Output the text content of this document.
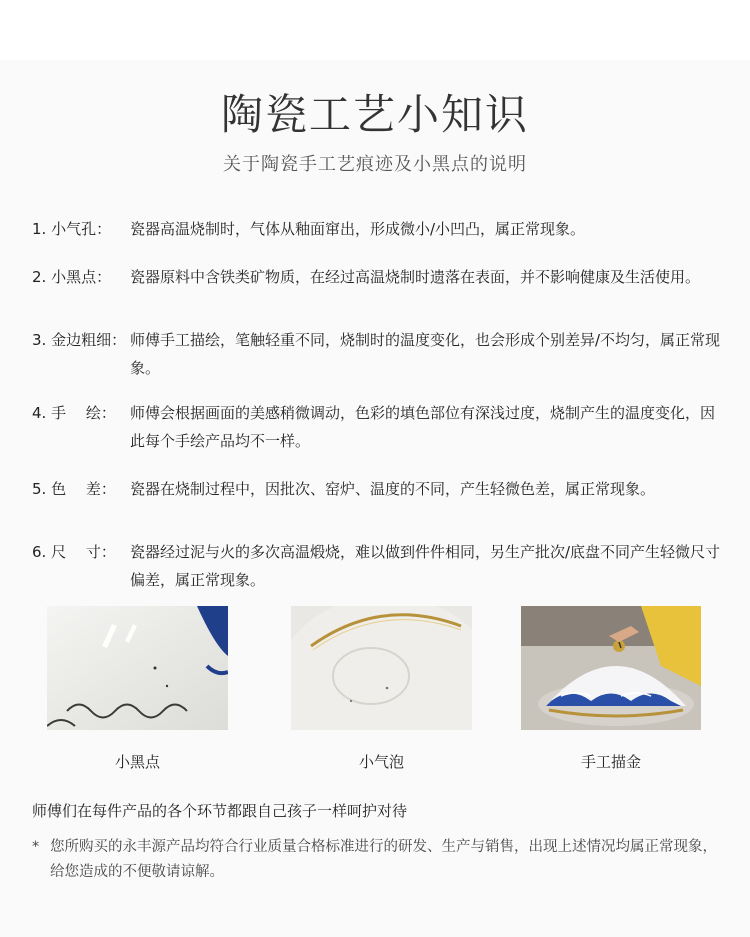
陶瓷工艺小知识
关于陶瓷手工艺痕迹及小黑点的说明
1. 小气孔： 瓷器高温烧制时，气体从釉面窜出，形成微小/小凹凸，属正常现象。
2. 小黑点： 瓷器原料中含铁类矿物质，在经过高温烧制时遗落在表面，并不影响健康及生活使用。
3. 金边粗细： 师傅手工描绘，笔触轻重不同，烧制时的温度变化，也会形成个别差异/不均匀，属正常现象。
4. 手　 绘： 师傅会根据画面的美感稍微调动，色彩的填色部位有深浅过度，烧制产生的温度变化，因此每个手绘产品均不一样。
5. 色　 差： 瓷器在烧制过程中，因批次、窑炉、温度的不同，产生轻微色差，属正常现象。
6. 尺　 寸： 瓷器经过泥与火的多次高温煅烧，难以做到件件相同，另生产批次/底盘不同产生轻微尺寸偏差，属正常现象。
小黑点	小气泡	手工描金
师傅们在每件产品的各个环节都跟自己孩子一样呵护对待
* 您所购买的永丰源产品均符合行业质量合格标准进行的研发、生产与销售，出现上述情况均属正常现象，给您造成的不便敬请谅解。
